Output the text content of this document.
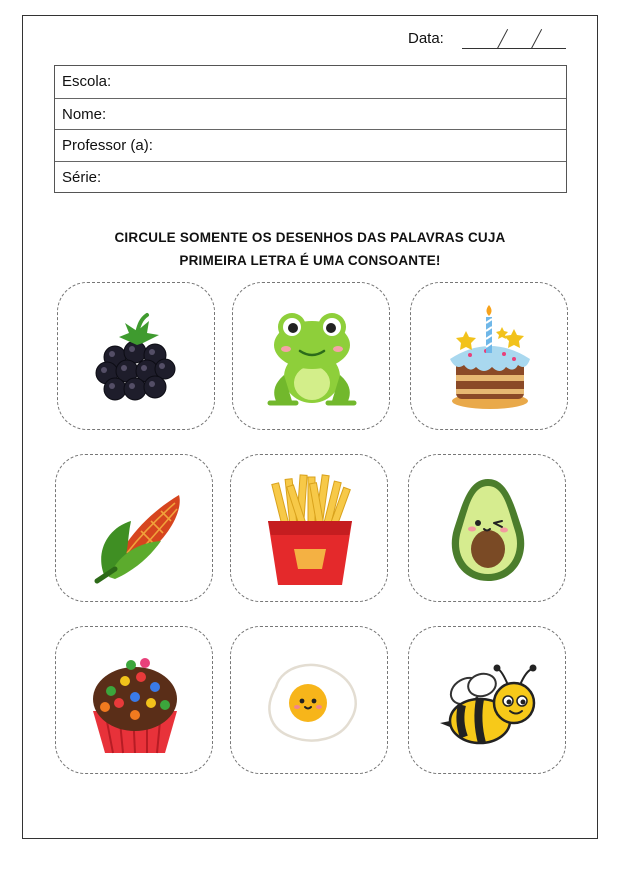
Data:
Escola:
Nome:
Professor (a):
Série:
CIRCULE SOMENTE OS DESENHOS DAS PALAVRAS CUJA
PRIMEIRA LETRA É UMA CONSOANTE!
